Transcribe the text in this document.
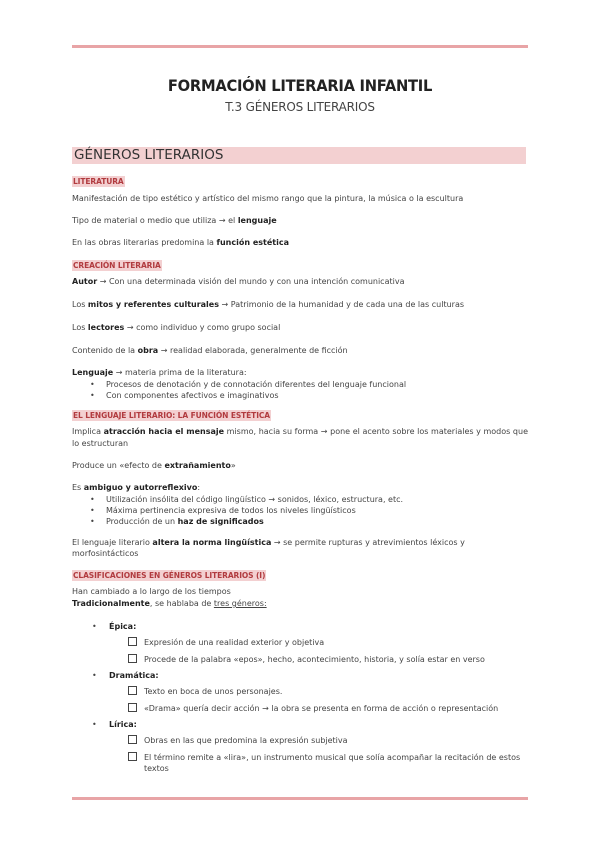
FORMACIÓN LITERARIA INFANTIL
T.3 GÉNEROS LITERARIOS
GÉNEROS LITERARIOS
LITERATURA

Manifestación de tipo estético y artístico del mismo rango que la pintura, la música o la escultura

Tipo de material o medio que utiliza → el lenguaje

En las obras literarias predomina la función estética

CREACIÓN LITERARIA

Autor → Con una determinada visión del mundo y con una intención comunicativa

Los mitos y referentes culturales → Patrimonio de la humanidad y de cada una de las culturas

Los lectores → como individuo y como grupo social

Contenido de la obra → realidad elaborada, generalmente de ficción

Lenguaje → materia prima de la literatura:

• Procesos de denotación y de connotación diferentes del lenguaje funcional
• Con componentes afectivos e imaginativos
EL LENGUAJE LITERARIO: LA FUNCIÓN ESTÉTICA

Implica atracción hacia el mensaje mismo, hacia su forma → pone el acento sobre los materiales y modos que lo estructuran

Produce un «efecto de extrañamiento»

Es ambiguo y autorreflexivo:

• Utilización insólita del código lingüístico → sonidos, léxico, estructura, etc.
• Máxima pertinencia expresiva de todos los niveles lingüísticos
• Producción de un haz de significados

El lenguaje literario altera la norma lingüística → se permite rupturas y atrevimientos léxicos y morfosintácticos

CLASIFICACIONES EN GÉNEROS LITERARIOS (I)

Han cambiado a lo largo de los tiempos

Tradicionalmente, se hablaba de tres géneros:

• Épica:
Expresión de una realidad exterior y objetiva
Procede de la palabra «epos», hecho, acontecimiento, historia, y solía estar en verso
• Dramática:
Texto en boca de unos personajes.
«Drama» quería decir acción → la obra se presenta en forma de acción o representación
• Lírica:
Obras en las que predomina la expresión subjetiva
El término remite a «lira», un instrumento musical que solía acompañar la recitación de estos textos
